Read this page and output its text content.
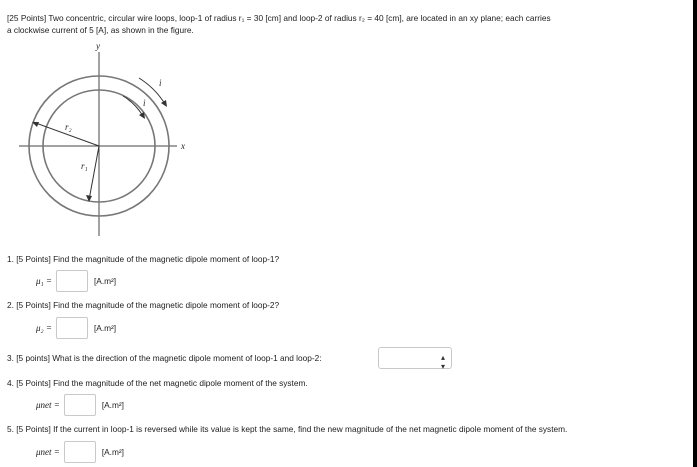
[25 Points] Two concentric, circular wire loops, loop-1 of radius r₁ = 30 [cm] and loop-2 of radius r₂ = 40 [cm], are located in an xy plane; each carries
a clockwise current of 5 [A], as shown in the figure.
y
x
i
i
r₂
r₁
1. [5 Points] Find the magnitude of the magnetic dipole moment of loop-1?
μ₁ =	[A.m²]
2. [5 Points] Find the magnitude of the magnetic dipole moment of loop-2?
μ₂ =	[A.m²]
3. [5 points] What is the direction of the magnetic dipole moment of loop-1 and loop-2:	▴
▾
4. [5 Points] Find the magnitude of the net magnetic dipole moment of the system.
μnet =	[A.m²]
5. [5 Points] If the current in loop-1 is reversed while its value is kept the same, find the new magnitude of the net magnetic dipole moment of the system.
μnet =	[A.m²]
